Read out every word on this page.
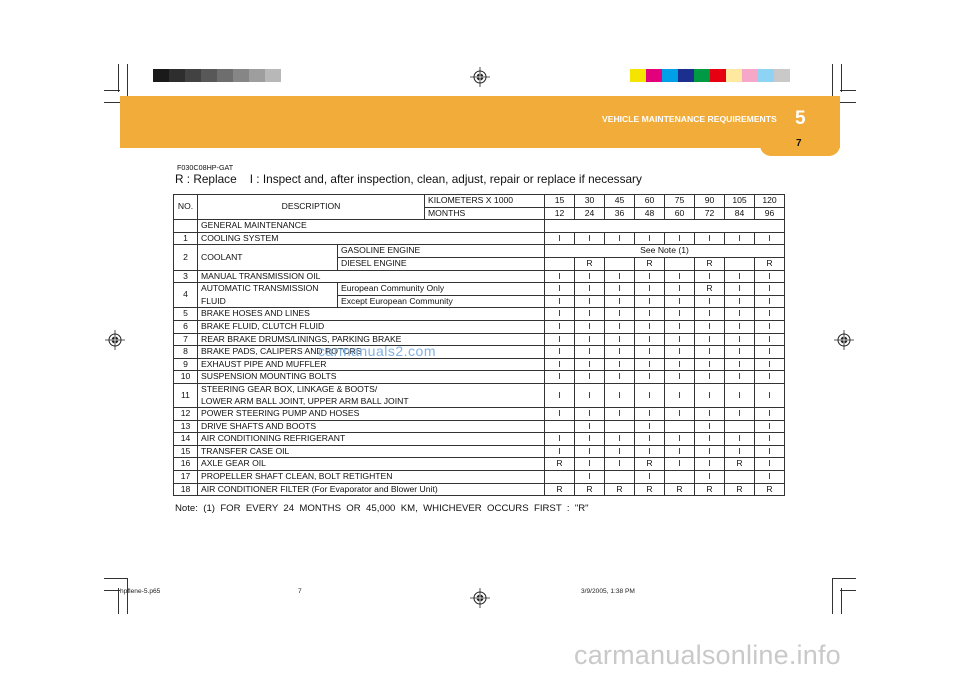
VEHICLE MAINTENANCE REQUIREMENTS 5
7
F030C08HP-GAT
R : Replace    I : Inspect and, after inspection, clean, adjust, repair or replace if necessary
NO.	DESCRIPTION		KILOMETERS X 1000	15	30	45	60	75	90	105	120
			MONTHS	12	24	36	48	60	72	84	96
	GENERAL MAINTENANCE										
1	COOLING SYSTEM			I	I	I	I	I	I	I	I
2	COOLANT	GASOLINE ENGINE		See Note (1)							
		DIESEL ENGINE			R		R		R		R
3	MANUAL TRANSMISSION OIL			I	I	I	I	I	I	I	I
4	AUTOMATIC TRANSMISSION	European Community Only		I	I	I	I	I	R	I	I
	FLUID	Except European Community		I	I	I	I	I	I	I	I
5	BRAKE HOSES AND LINES			I	I	I	I	I	I	I	I
6	BRAKE FLUID, CLUTCH FLUID			I	I	I	I	I	I	I	I
7	REAR BRAKE DRUMS/LININGS, PARKING BRAKE			I	I	I	I	I	I	I	I
8	BRAKE PADS, CALIPERS AND ROTORS			I	I	I	I	I	I	I	I
9	EXHAUST PIPE AND MUFFLER			I	I	I	I	I	I	I	I
10	SUSPENSION MOUNTING BOLTS			I	I	I	I	I	I	I	I
11	STEERING GEAR BOX, LINKAGE & BOOTS/			I	I	I	I	I	I	I	I
	LOWER ARM BALL JOINT, UPPER ARM BALL JOINT										
12	POWER STEERING PUMP AND HOSES			I	I	I	I	I	I	I	I
13	DRIVE SHAFTS AND BOOTS				I		I		I		I
14	AIR CONDITIONING REFRIGERANT			I	I	I	I	I	I	I	I
15	TRANSFER CASE OIL			I	I	I	I	I	I	I	I
16	AXLE GEAR OIL			R	I	I	R	I	I	R	I
17	PROPELLER SHAFT CLEAN, BOLT RETIGHTEN				I		I		I		I
18	AIR CONDITIONER FILTER (For Evaporator and Blower Unit)			R	R	R	R	R	R	R	R
carmanuals2.com
Note:  (1)  FOR  EVERY  24  MONTHS  OR  45,000  KM,  WHICHEVER  OCCURS  FIRST  :  "R"
hpflene-5.p65	7	3/9/2005, 1:38 PM
carmanualsonline.info
